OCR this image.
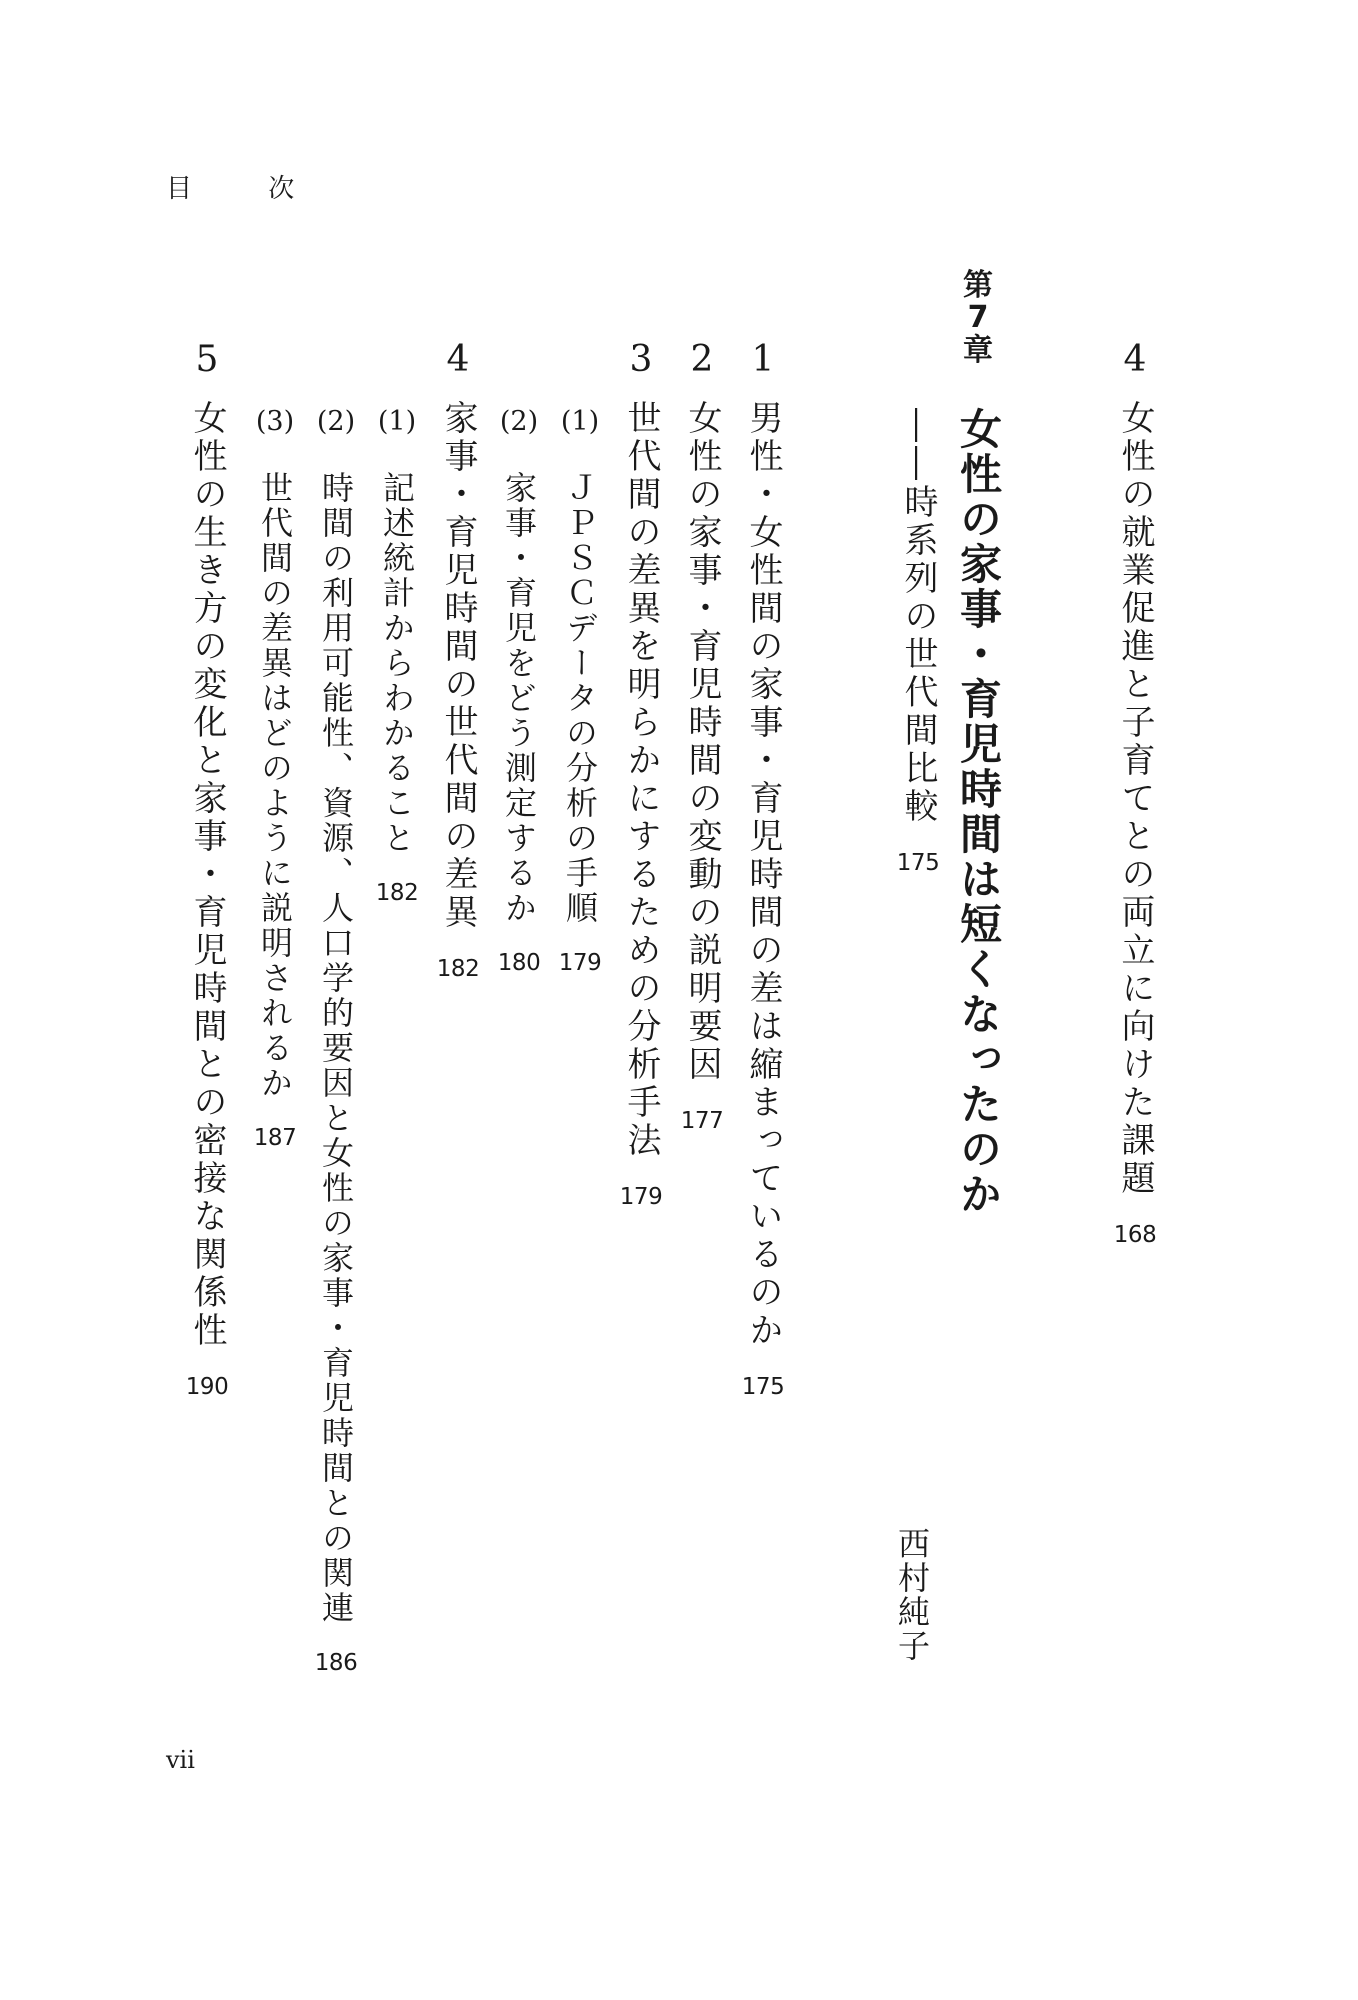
目 次
4
女性の就業促進と子育てとの両立に向けた課題
168
第
7
章
女性の家事・育児時間は短くなったのか
――時系列の世代間比較
175
西村純子
1
男性・女性間の家事・育児時間の差は縮まっているのか
175
2
女性の家事・育児時間の変動の説明要因
177
3
世代間の差異を明らかにするための分析手法
179
(1)
ＪＰＳＣデータの分析の手順
179
(2)
家事・育児をどう測定するか
180
4
家事・育児時間の世代間の差異
182
(1)
記述統計からわかること
182
(2)
時間の利用可能性、資源、人口学的要因と女性の家事・育児時間との関連
186
(3)
世代間の差異はどのように説明されるか
187
5
女性の生き方の変化と家事・育児時間との密接な関係性
190
vii
